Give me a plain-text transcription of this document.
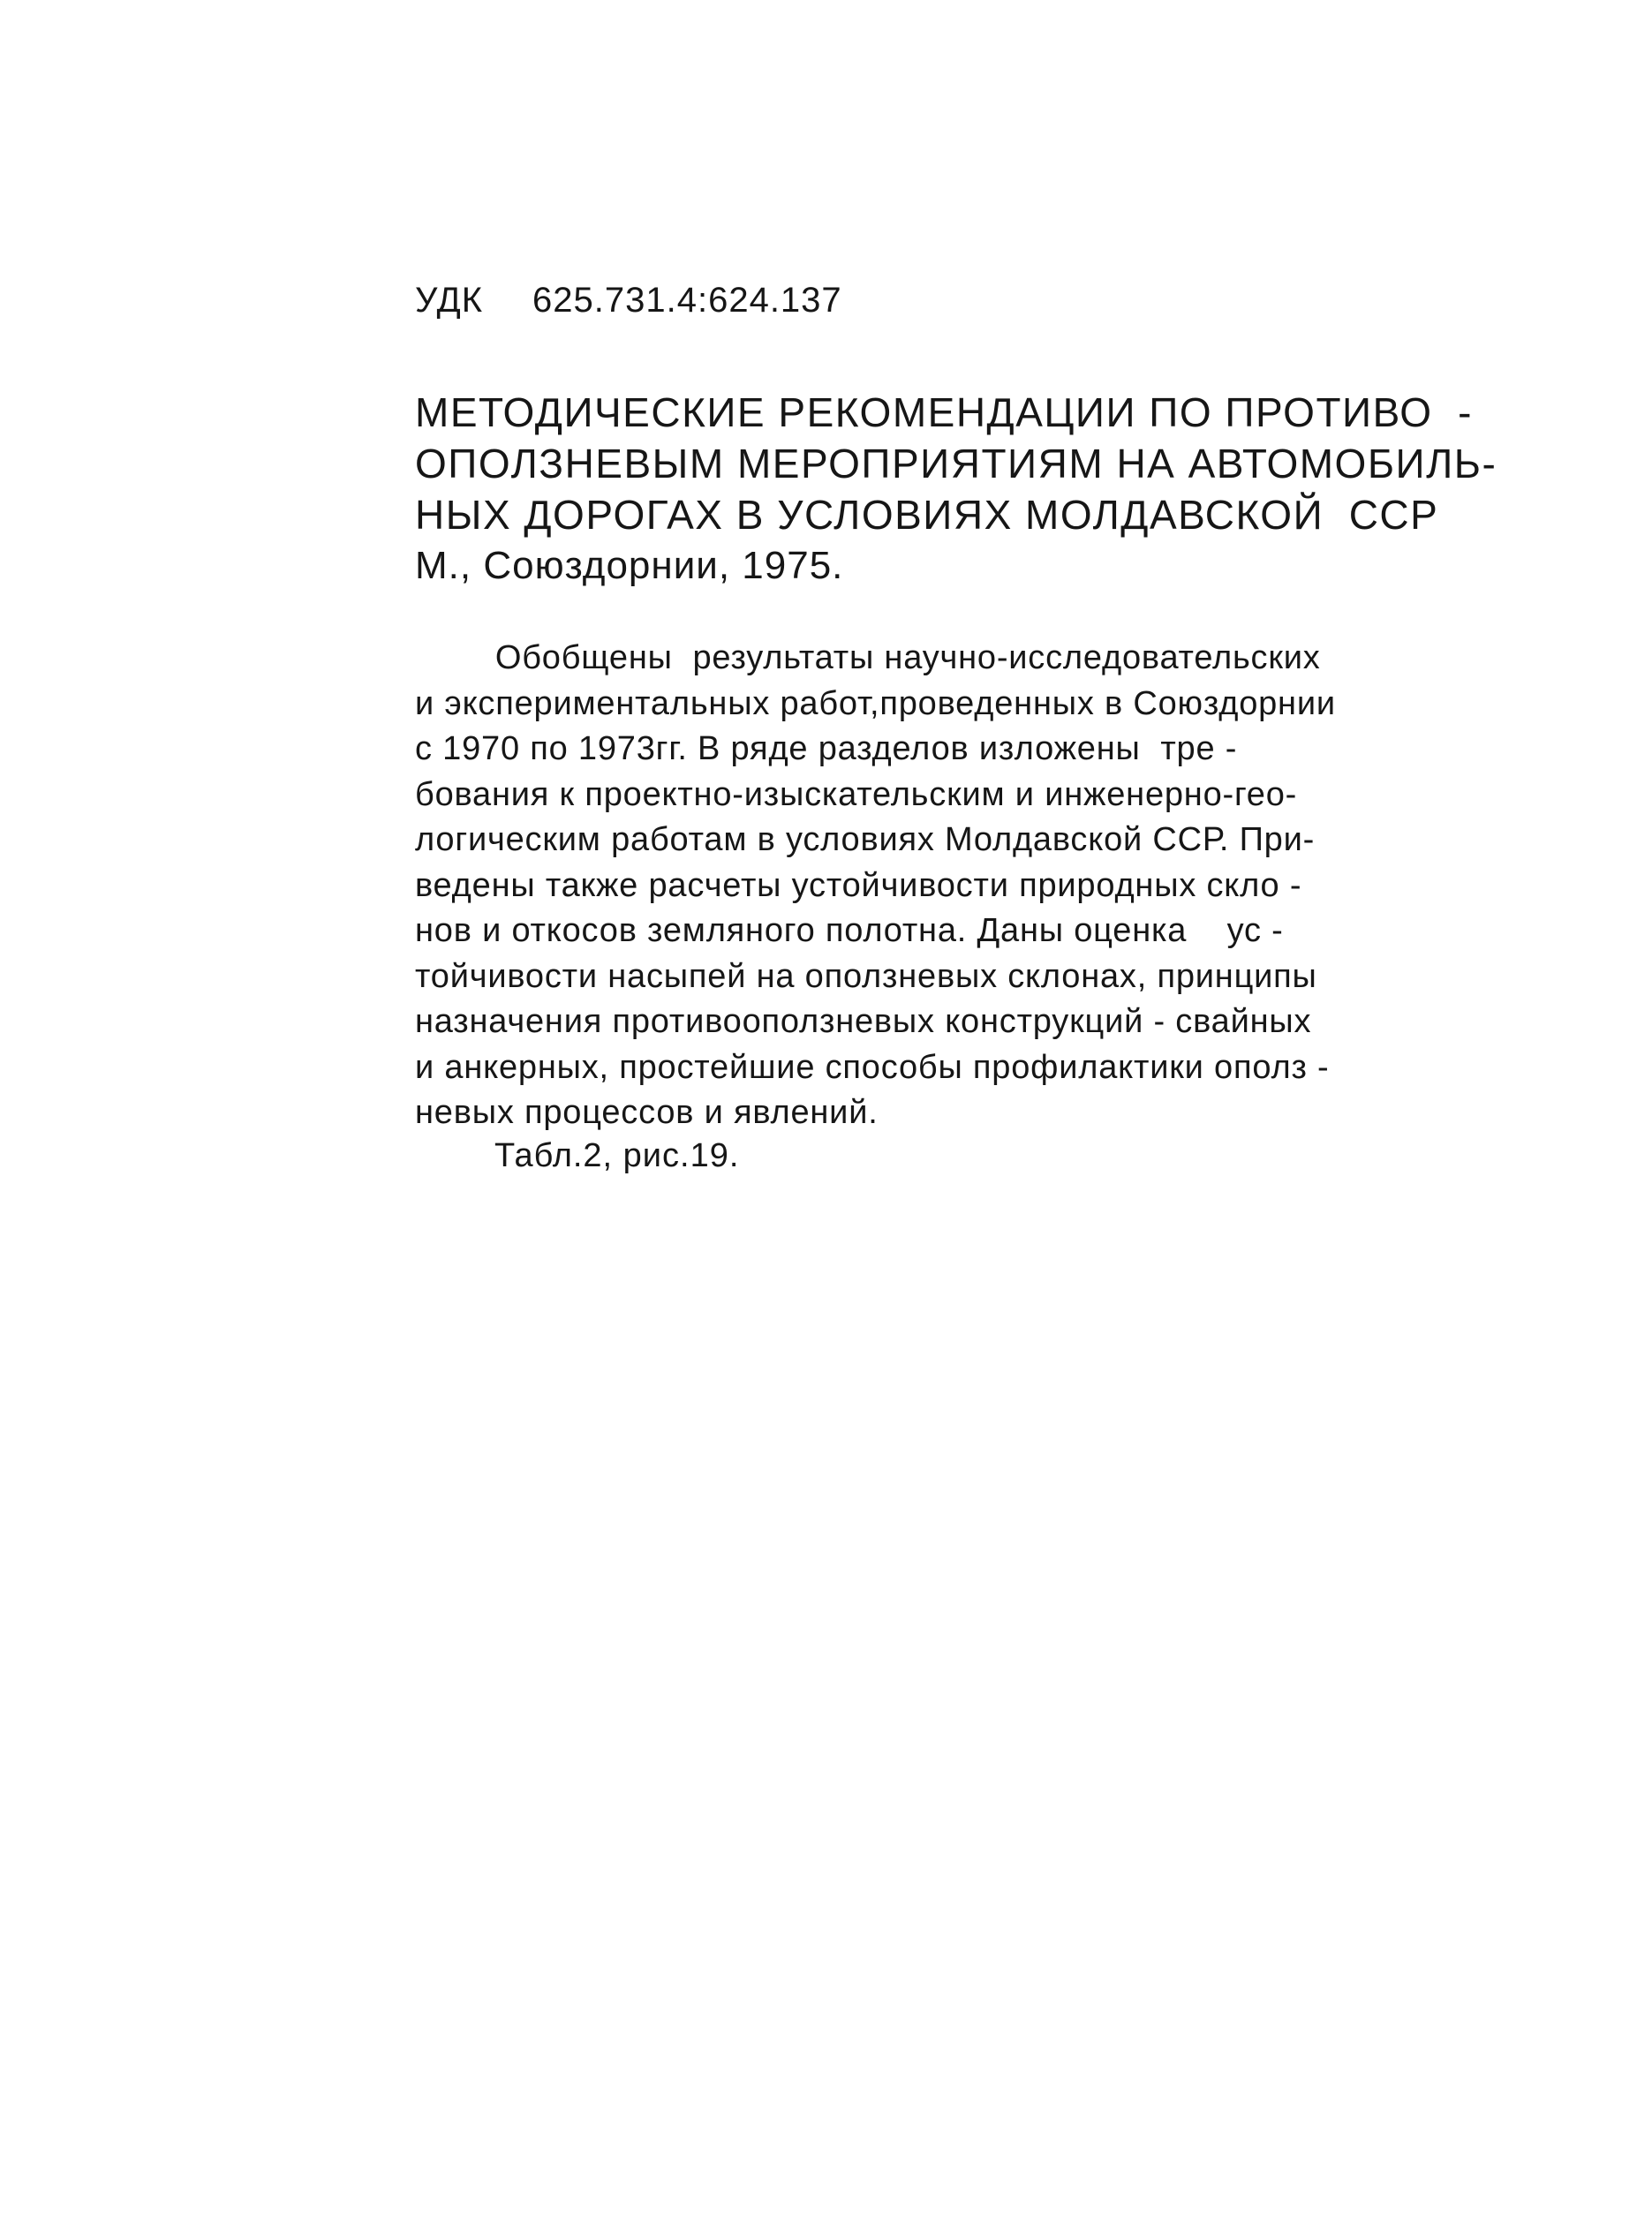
УДК 625.731.4:624.137
МЕТОДИЧЕСКИЕ РЕКОМЕНДАЦИИ ПО ПРОТИВО  -
ОПОЛЗНЕВЫМ МЕРОПРИЯТИЯМ НА АВТОМОБИЛЬ-
НЫХ ДОРОГАХ В УСЛОВИЯХ МОЛДАВСКОЙ  ССР
М., Союздорнии, 1975.
Обобщены  результаты научно-исследовательских
и экспериментальных работ,проведенных в Союздорнии
с 1970 по 1973гг. В ряде разделов изложены  тре -
бования к проектно-изыскательским и инженерно-гео-
логическим работам в условиях Молдавской ССР. При-
ведены также расчеты устойчивости природных скло -
нов и откосов земляного полотна. Даны оценка    ус -
тойчивости насыпей на оползневых склонах, принципы
назначения противооползневых конструкций - свайных
и анкерных, простейшие способы профилактики ополз -
невых процессов и явлений.
Табл.2, рис.19.
